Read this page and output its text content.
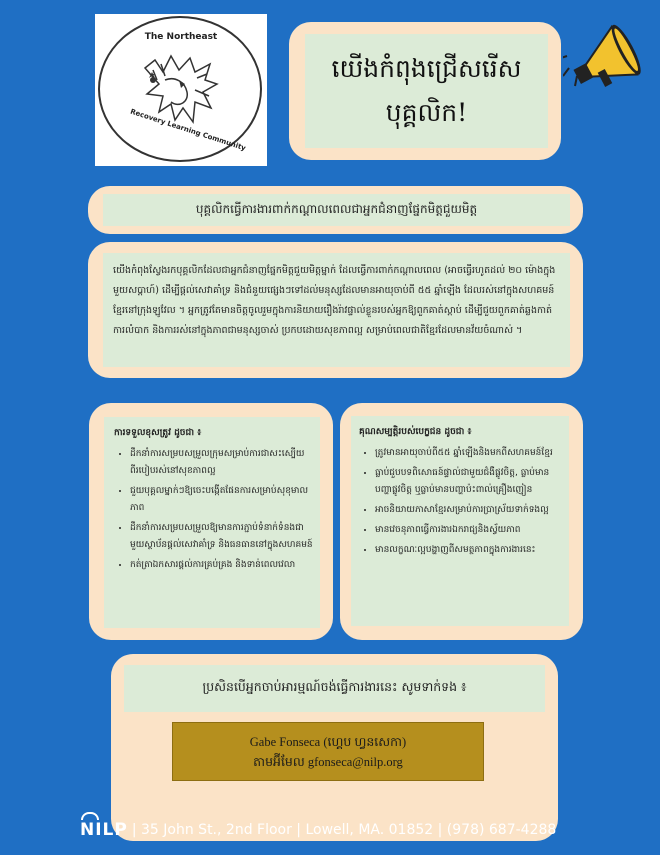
The Northeast
Recovery Learning Community
យើងកំពុងជ្រើសរើស
បុគ្គលិក!
បុគ្គលិកធ្វើការងារពាក់កណ្តាលពេលជាអ្នកជំនាញផ្នែកមិត្តជួយមិត្ត
យើងកំពុងស្វែងរកបុគ្គលិកដែលជាអ្នកជំនាញផ្នែកមិត្តជួយមិត្តម្នាក់ ដែលធ្វើការពាក់កណ្តាលពេល (អាចធ្វើរហូតដល់ ២០ ម៉ោងក្នុងមួយសប្តាហ៍) ដើម្បីផ្តល់សេវាគាំទ្រ និងជំនួយផ្សេងៗទៅដល់មនុស្សដែលមានអាយុចាប់ពី ៥៥ ឆ្នាំឡើង ដែលរស់នៅក្នុងសហគមន៍ខ្មែរនៅក្រុងឡូវែល ។ អ្នកត្រូវតែមានចិត្តចូលរួមក្នុងការនិយាយរឿងរ៉ាវផ្ទាល់ខ្លួនរបស់អ្នកឱ្យពួកគាត់ស្តាប់ ដើម្បីជួយពួកគាត់ឆ្លងកាត់ការលំបាក និងការរស់នៅក្នុងភាពជាមនុស្សចាស់ ប្រកបដោយសុខភាពល្អ សម្រាប់ពេលជាតិខ្មែរដែលមានវ័យចំណាស់ ។
ការទទួលខុសត្រូវ ដូចជា ៖
• ដឹកនាំការសម្របសម្រួលក្រុមសម្រាប់ការជាសះស្បើយពីរបៀបរស់នៅសុខភាពល្អ
• ជួយបុគ្គលម្នាក់ៗឱ្យចេះបង្កើតផែនការសម្រាប់សុខុមាលភាព
• ដឹកនាំការសម្របសម្រួលឱ្យមានការភ្ជាប់ទំនាក់ទំនងជាមួយស្ថាប័នផ្តល់សេវាគាំទ្រ និងធនធាននៅក្នុងសហគមន៍
• កត់ត្រាឯកសារផ្តល់ការគ្រប់គ្រង និងទាន់ពេលវេលា
គុណសម្បត្តិរបស់បេក្ខជន ដូចជា ៖
• ត្រូវមានអាយុចាប់ពី៥៥ ឆ្នាំឡើងនិងមកពីសហគមន៍ខ្មែរ
• ធ្លាប់ជួបបទពិសោធន៍ផ្ទាល់ជាមួយជំងឺផ្លូវចិត្ត, ធ្លាប់មានបញ្ហាផ្លូវចិត្ត ឬធ្លាប់មានបញ្ហាប៉ះពាល់គ្រឿងញៀន
• អាចនិយាយភាសាខ្មែរសម្រាប់ការប្រាស្រ័យទាក់ទងល្អ
• មានវេចនុភាពធ្វើការងារឯករាជ្យនិងស្វ័យភាព
• មានលក្ខណៈល្អបង្ហាញពីសមត្ថភាពក្នុងការងារនេះ
ប្រសិនបើអ្នកចាប់អារម្មណ៍ចង់ធ្វើការងារនេះ សូមទាក់ទង ៖
Gabe Fonseca (ហ្គេប ហ្វនសេកា)
តាមអ៊ីមែល gfonseca@nilp.org
NILP | 35 John St., 2nd Floor | Lowell, MA. 01852 | (978) 687-4288
